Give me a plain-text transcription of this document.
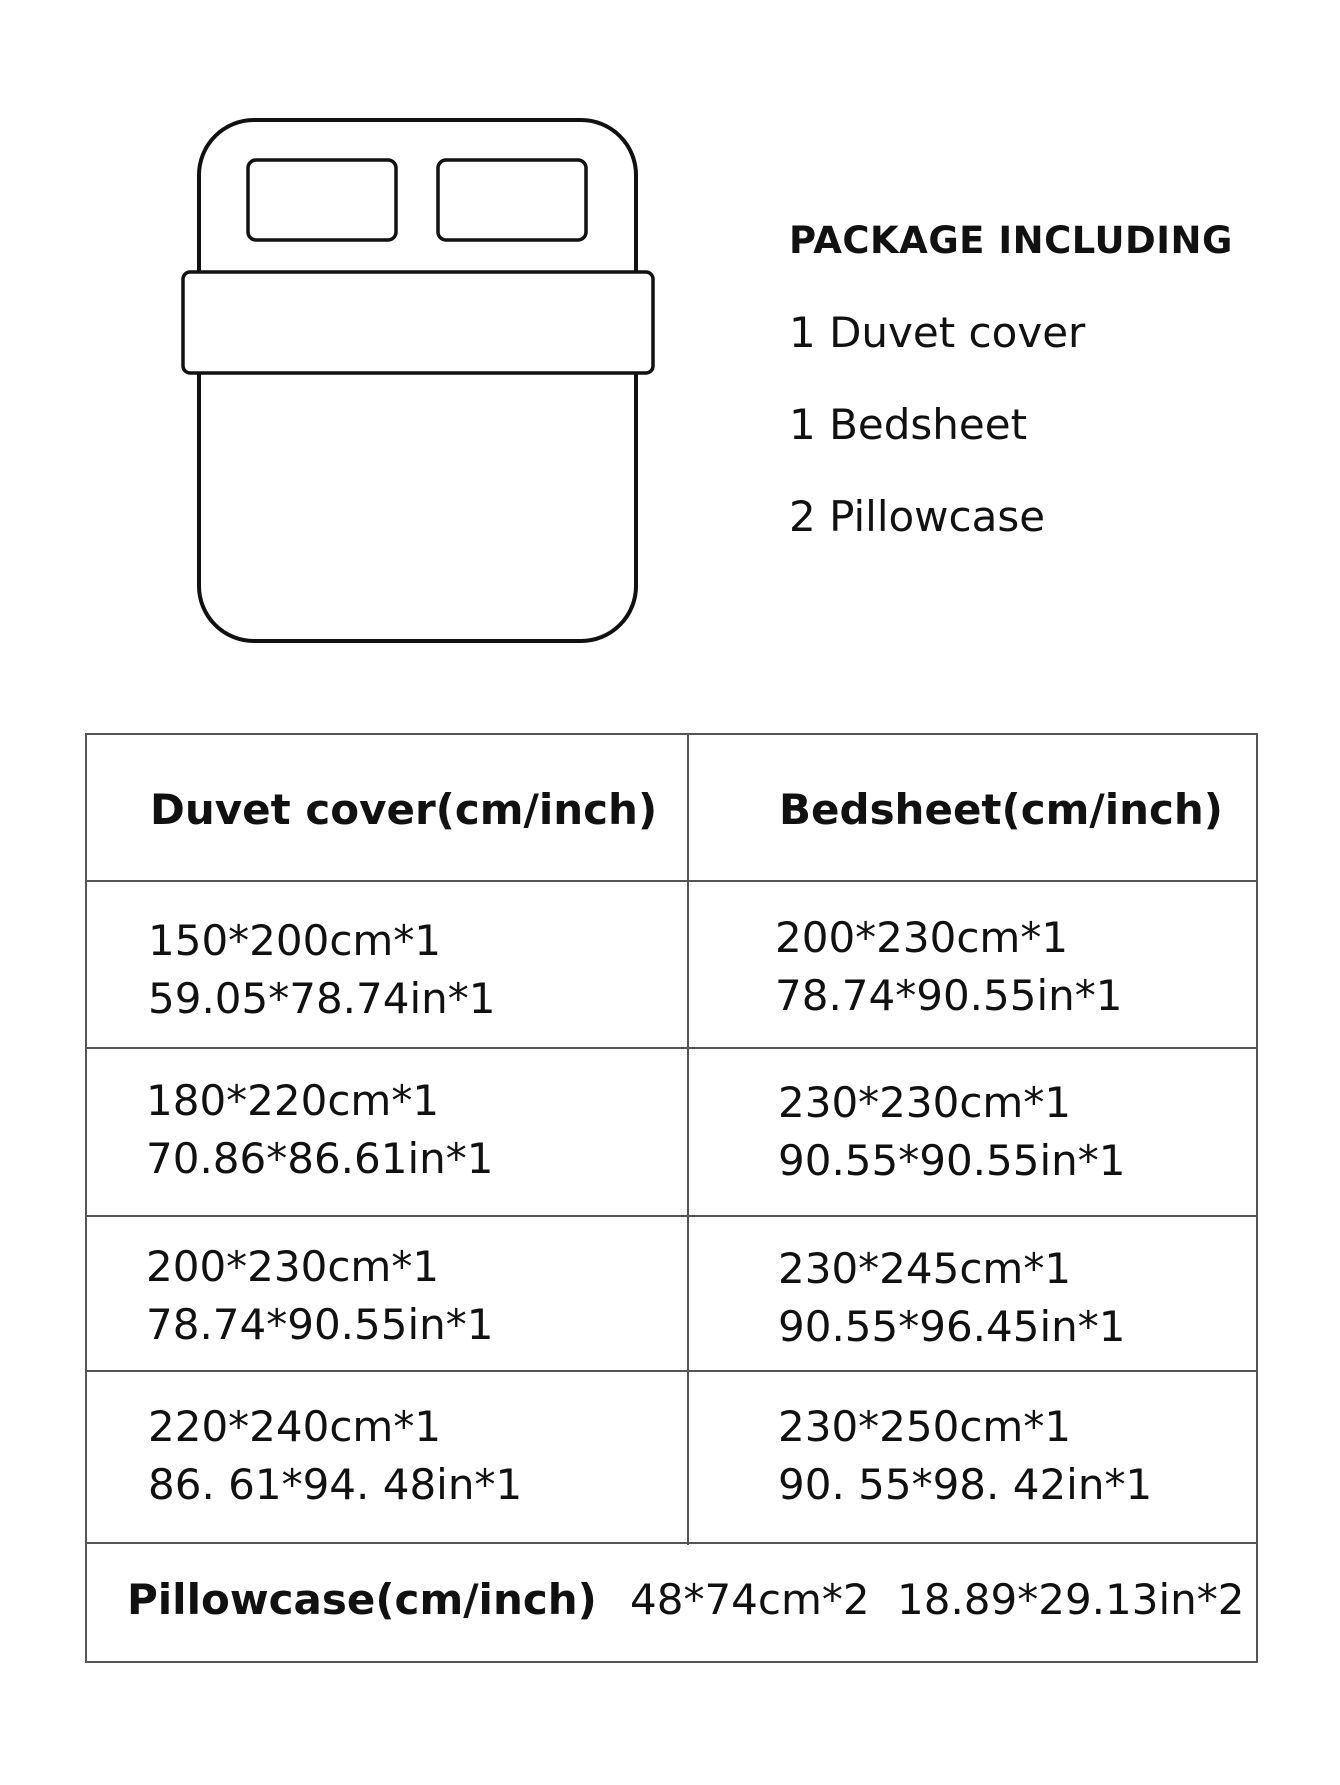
PACKAGE INCLUDING
1 Duvet cover
1 Bedsheet
2 Pillowcase
Duvet cover(cm/inch)	Bedsheet(cm/inch)
150*200cm*1
59.05*78.74in*1
200*230cm*1
78.74*90.55in*1
180*220cm*1
70.86*86.61in*1
230*230cm*1
90.55*90.55in*1
200*230cm*1
78.74*90.55in*1
230*245cm*1
90.55*96.45in*1
220*240cm*1
86. 61*94. 48in*1
230*250cm*1
90. 55*98. 42in*1
Pillowcase(cm/inch) 48*74cm*2 18.89*29.13in*2
